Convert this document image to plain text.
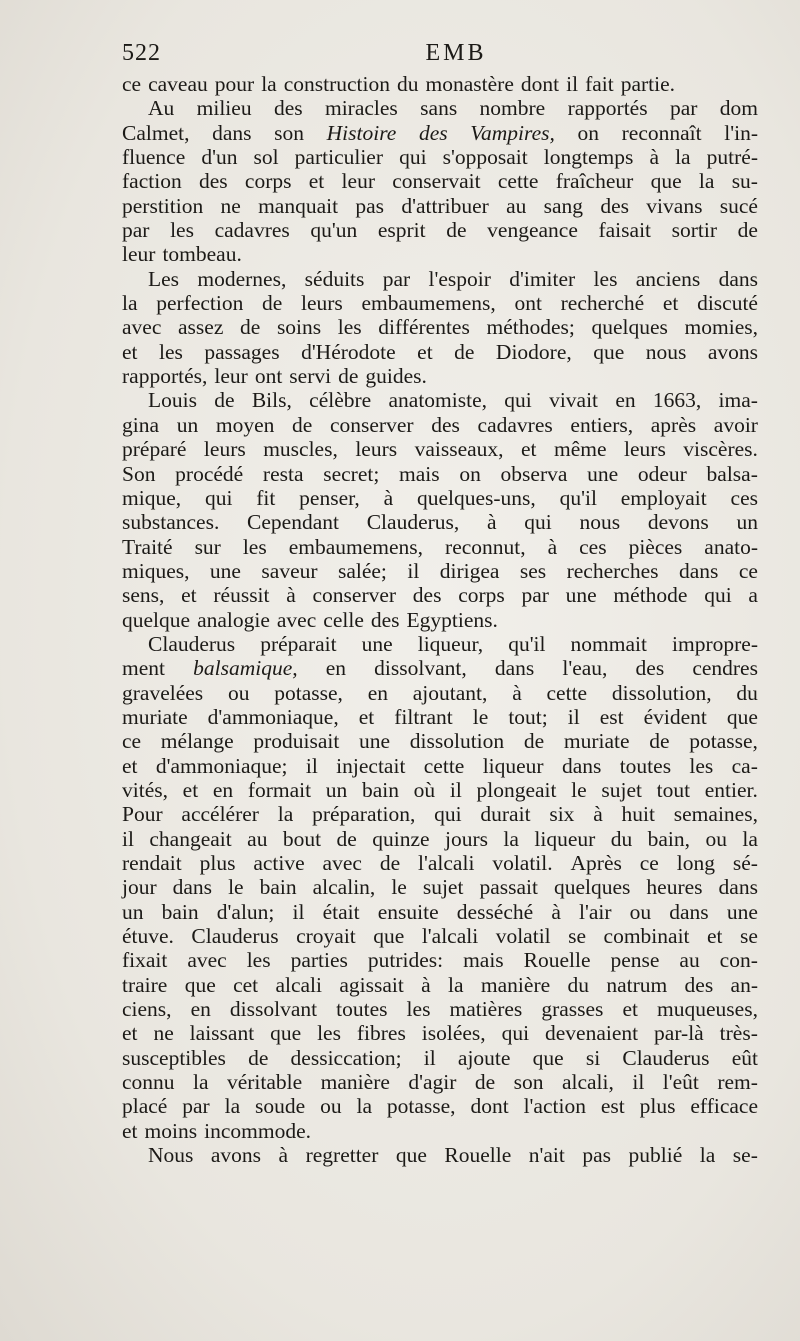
522	EMB
ce caveau pour la construction du monastère dont il fait partie.
Au milieu des miracles sans nombre rapportés par dom
Calmet, dans son Histoire des Vampires, on reconnaît l'in-
fluence d'un sol particulier qui s'opposait longtemps à la putré-
faction des corps et leur conservait cette fraîcheur que la su-
perstition ne manquait pas d'attribuer au sang des vivans sucé
par les cadavres qu'un esprit de vengeance faisait sortir de
leur tombeau.
Les modernes, séduits par l'espoir d'imiter les anciens dans
la perfection de leurs embaumemens, ont recherché et discuté
avec assez de soins les différentes méthodes; quelques momies,
et les passages d'Hérodote et de Diodore, que nous avons
rapportés, leur ont servi de guides.
Louis de Bils, célèbre anatomiste, qui vivait en 1663, ima-
gina un moyen de conserver des cadavres entiers, après avoir
préparé leurs muscles, leurs vaisseaux, et même leurs viscères.
Son procédé resta secret; mais on observa une odeur balsa-
mique, qui fit penser, à quelques-uns, qu'il employait ces
substances. Cependant Clauderus, à qui nous devons un
Traité sur les embaumemens, reconnut, à ces pièces anato-
miques, une saveur salée; il dirigea ses recherches dans ce
sens, et réussit à conserver des corps par une méthode qui a
quelque analogie avec celle des Egyptiens.
Clauderus préparait une liqueur, qu'il nommait impropre-
ment balsamique, en dissolvant, dans l'eau, des cendres
gravelées ou potasse, en ajoutant, à cette dissolution, du
muriate d'ammoniaque, et filtrant le tout; il est évident que
ce mélange produisait une dissolution de muriate de potasse,
et d'ammoniaque; il injectait cette liqueur dans toutes les ca-
vités, et en formait un bain où il plongeait le sujet tout entier.
Pour accélérer la préparation, qui durait six à huit semaines,
il changeait au bout de quinze jours la liqueur du bain, ou la
rendait plus active avec de l'alcali volatil. Après ce long sé-
jour dans le bain alcalin, le sujet passait quelques heures dans
un bain d'alun; il était ensuite desséché à l'air ou dans une
étuve. Clauderus croyait que l'alcali volatil se combinait et se
fixait avec les parties putrides: mais Rouelle pense au con-
traire que cet alcali agissait à la manière du natrum des an-
ciens, en dissolvant toutes les matières grasses et muqueuses,
et ne laissant que les fibres isolées, qui devenaient par-là très-
susceptibles de dessiccation; il ajoute que si Clauderus eût
connu la véritable manière d'agir de son alcali, il l'eût rem-
placé par la soude ou la potasse, dont l'action est plus efficace
et moins incommode.
Nous avons à regretter que Rouelle n'ait pas publié la se-
